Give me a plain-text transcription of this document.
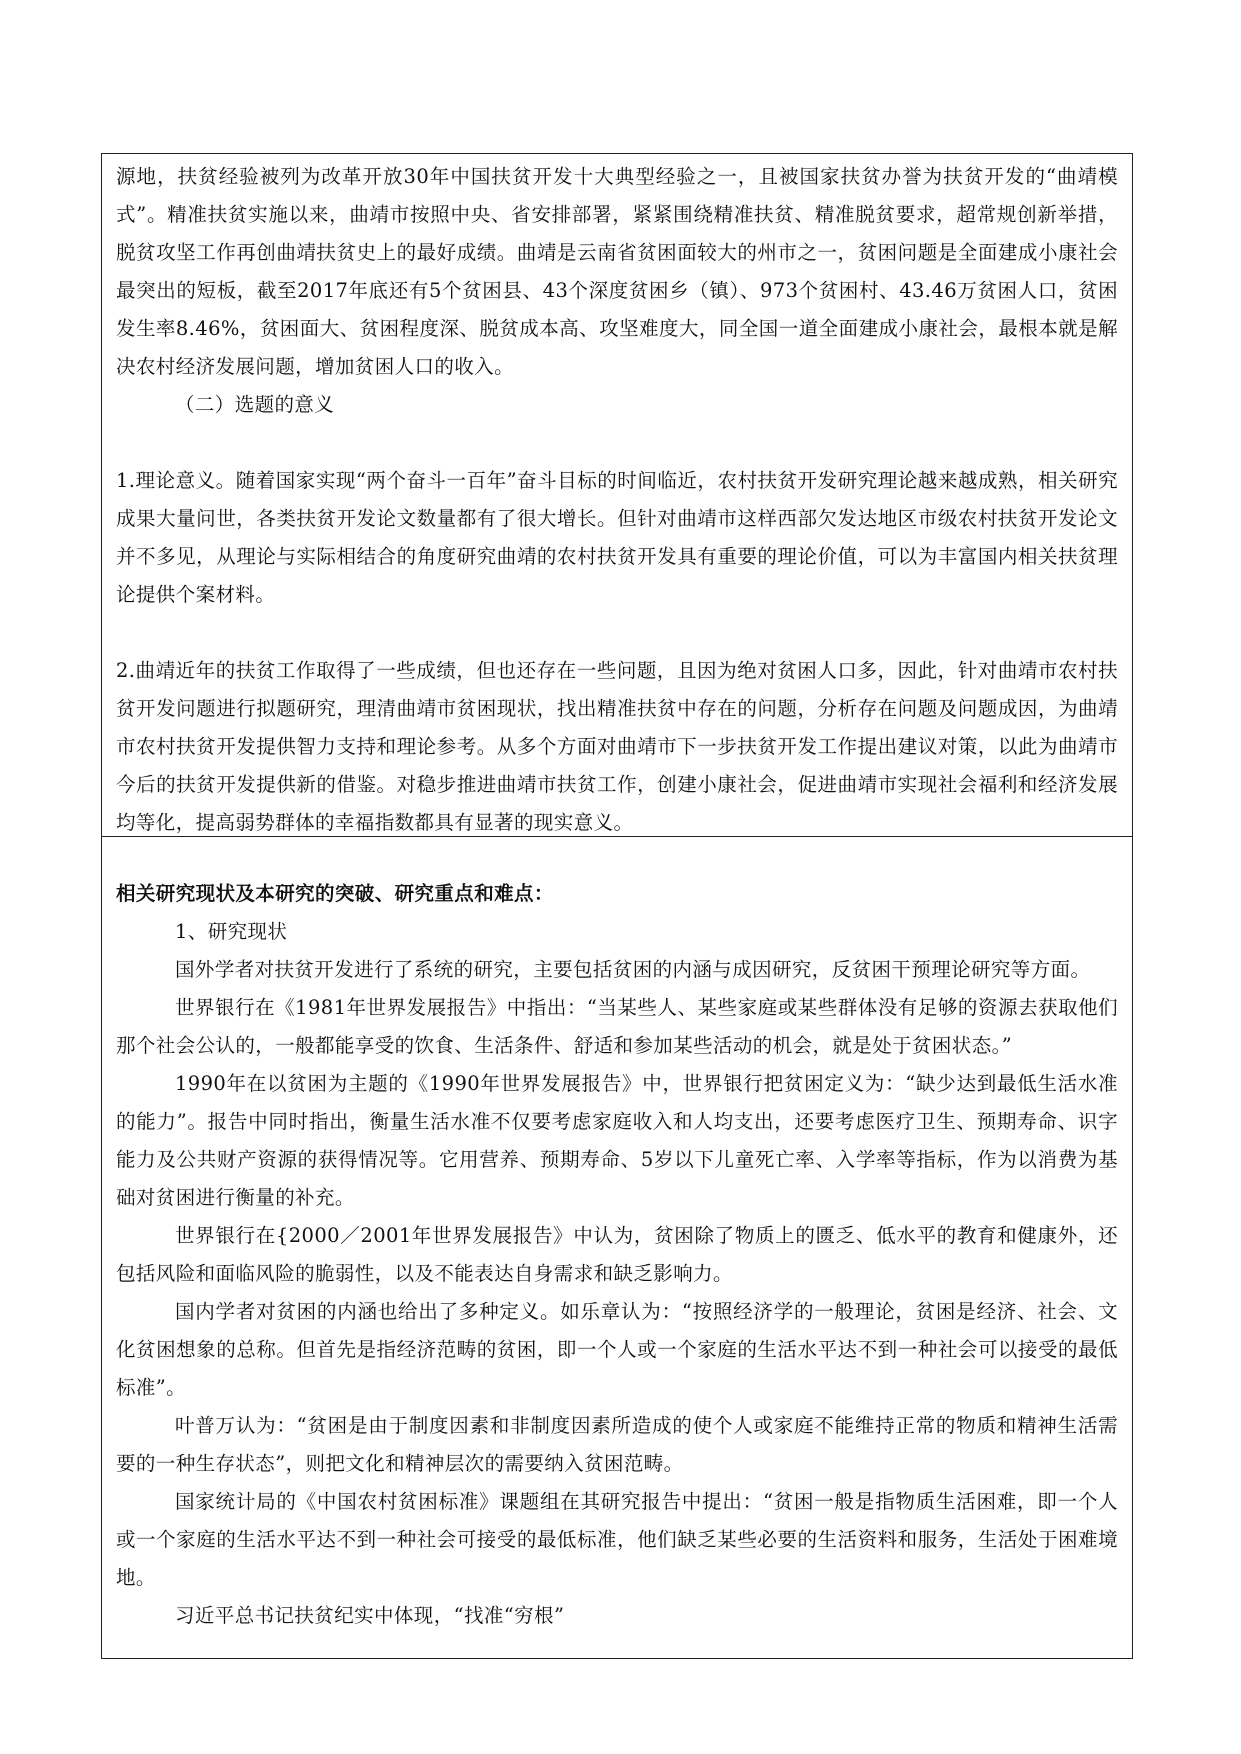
源地，扶贫经验被列为改革开放30年中国扶贫开发十大典型经验之一，且被国家扶贫办誉为扶贫开发的“曲靖模式”。精准扶贫实施以来，曲靖市按照中央、省安排部署，紧紧围绕精准扶贫、精准脱贫要求，超常规创新举措，脱贫攻坚工作再创曲靖扶贫史上的最好成绩。曲靖是云南省贫困面较大的州市之一，贫困问题是全面建成小康社会最突出的短板，截至2017年底还有5个贫困县、43个深度贫困乡（镇）、973个贫困村、43.46万贫困人口，贫困发生率8.46%，贫困面大、贫困程度深、脱贫成本高、攻坚难度大，同全国一道全面建成小康社会，最根本就是解决农村经济发展问题，增加贫困人口的收入。

（二）选题的意义

1.理论意义。随着国家实现“两个奋斗一百年”奋斗目标的时间临近，农村扶贫开发研究理论越来越成熟，相关研究成果大量问世，各类扶贫开发论文数量都有了很大增长。但针对曲靖市这样西部欠发达地区市级农村扶贫开发论文并不多见，从理论与实际相结合的角度研究曲靖的农村扶贫开发具有重要的理论价值，可以为丰富国内相关扶贫理论提供个案材料。

2.曲靖近年的扶贫工作取得了一些成绩，但也还存在一些问题，且因为绝对贫困人口多，因此，针对曲靖市农村扶贫开发问题进行拟题研究，理清曲靖市贫困现状，找出精准扶贫中存在的问题，分析存在问题及问题成因，为曲靖市农村扶贫开发提供智力支持和理论参考。从多个方面对曲靖市下一步扶贫开发工作提出建议对策，以此为曲靖市今后的扶贫开发提供新的借鉴。对稳步推进曲靖市扶贫工作，创建小康社会，促进曲靖市实现社会福利和经济发展均等化，提高弱势群体的幸福指数都具有显著的现实意义。

相关研究现状及本研究的突破、研究重点和难点：

1、研究现状

国外学者对扶贫开发进行了系统的研究，主要包括贫困的内涵与成因研究，反贫困干预理论研究等方面。

世界银行在《1981年世界发展报告》中指出：“当某些人、某些家庭或某些群体没有足够的资源去获取他们那个社会公认的，一般都能享受的饮食、生活条件、舒适和参加某些活动的机会，就是处于贫困状态。”

1990年在以贫困为主题的《1990年世界发展报告》中，世界银行把贫困定义为：“缺少达到最低生活水准的能力”。报告中同时指出，衡量生活水准不仅要考虑家庭收入和人均支出，还要考虑医疗卫生、预期寿命、识字能力及公共财产资源的获得情况等。它用营养、预期寿命、5岁以下儿童死亡率、入学率等指标，作为以消费为基础对贫困进行衡量的补充。

世界银行在{2000／2001年世界发展报告》中认为，贫困除了物质上的匮乏、低水平的教育和健康外，还包括风险和面临风险的脆弱性，以及不能表达自身需求和缺乏影响力。

国内学者对贫困的内涵也给出了多种定义。如乐章认为：“按照经济学的一般理论，贫困是经济、社会、文化贫困想象的总称。但首先是指经济范畴的贫困，即一个人或一个家庭的生活水平达不到一种社会可以接受的最低标准”。

叶普万认为：“贫困是由于制度因素和非制度因素所造成的使个人或家庭不能维持正常的物质和精神生活需要的一种生存状态”，则把文化和精神层次的需要纳入贫困范畴。

国家统计局的《中国农村贫困标准》课题组在其研究报告中提出：“贫困一般是指物质生活困难，即一个人或一个家庭的生活水平达不到一种社会可接受的最低标准，他们缺乏某些必要的生活资料和服务，生活处于困难境地。

习近平总书记扶贫纪实中体现，“找准“穷根”
